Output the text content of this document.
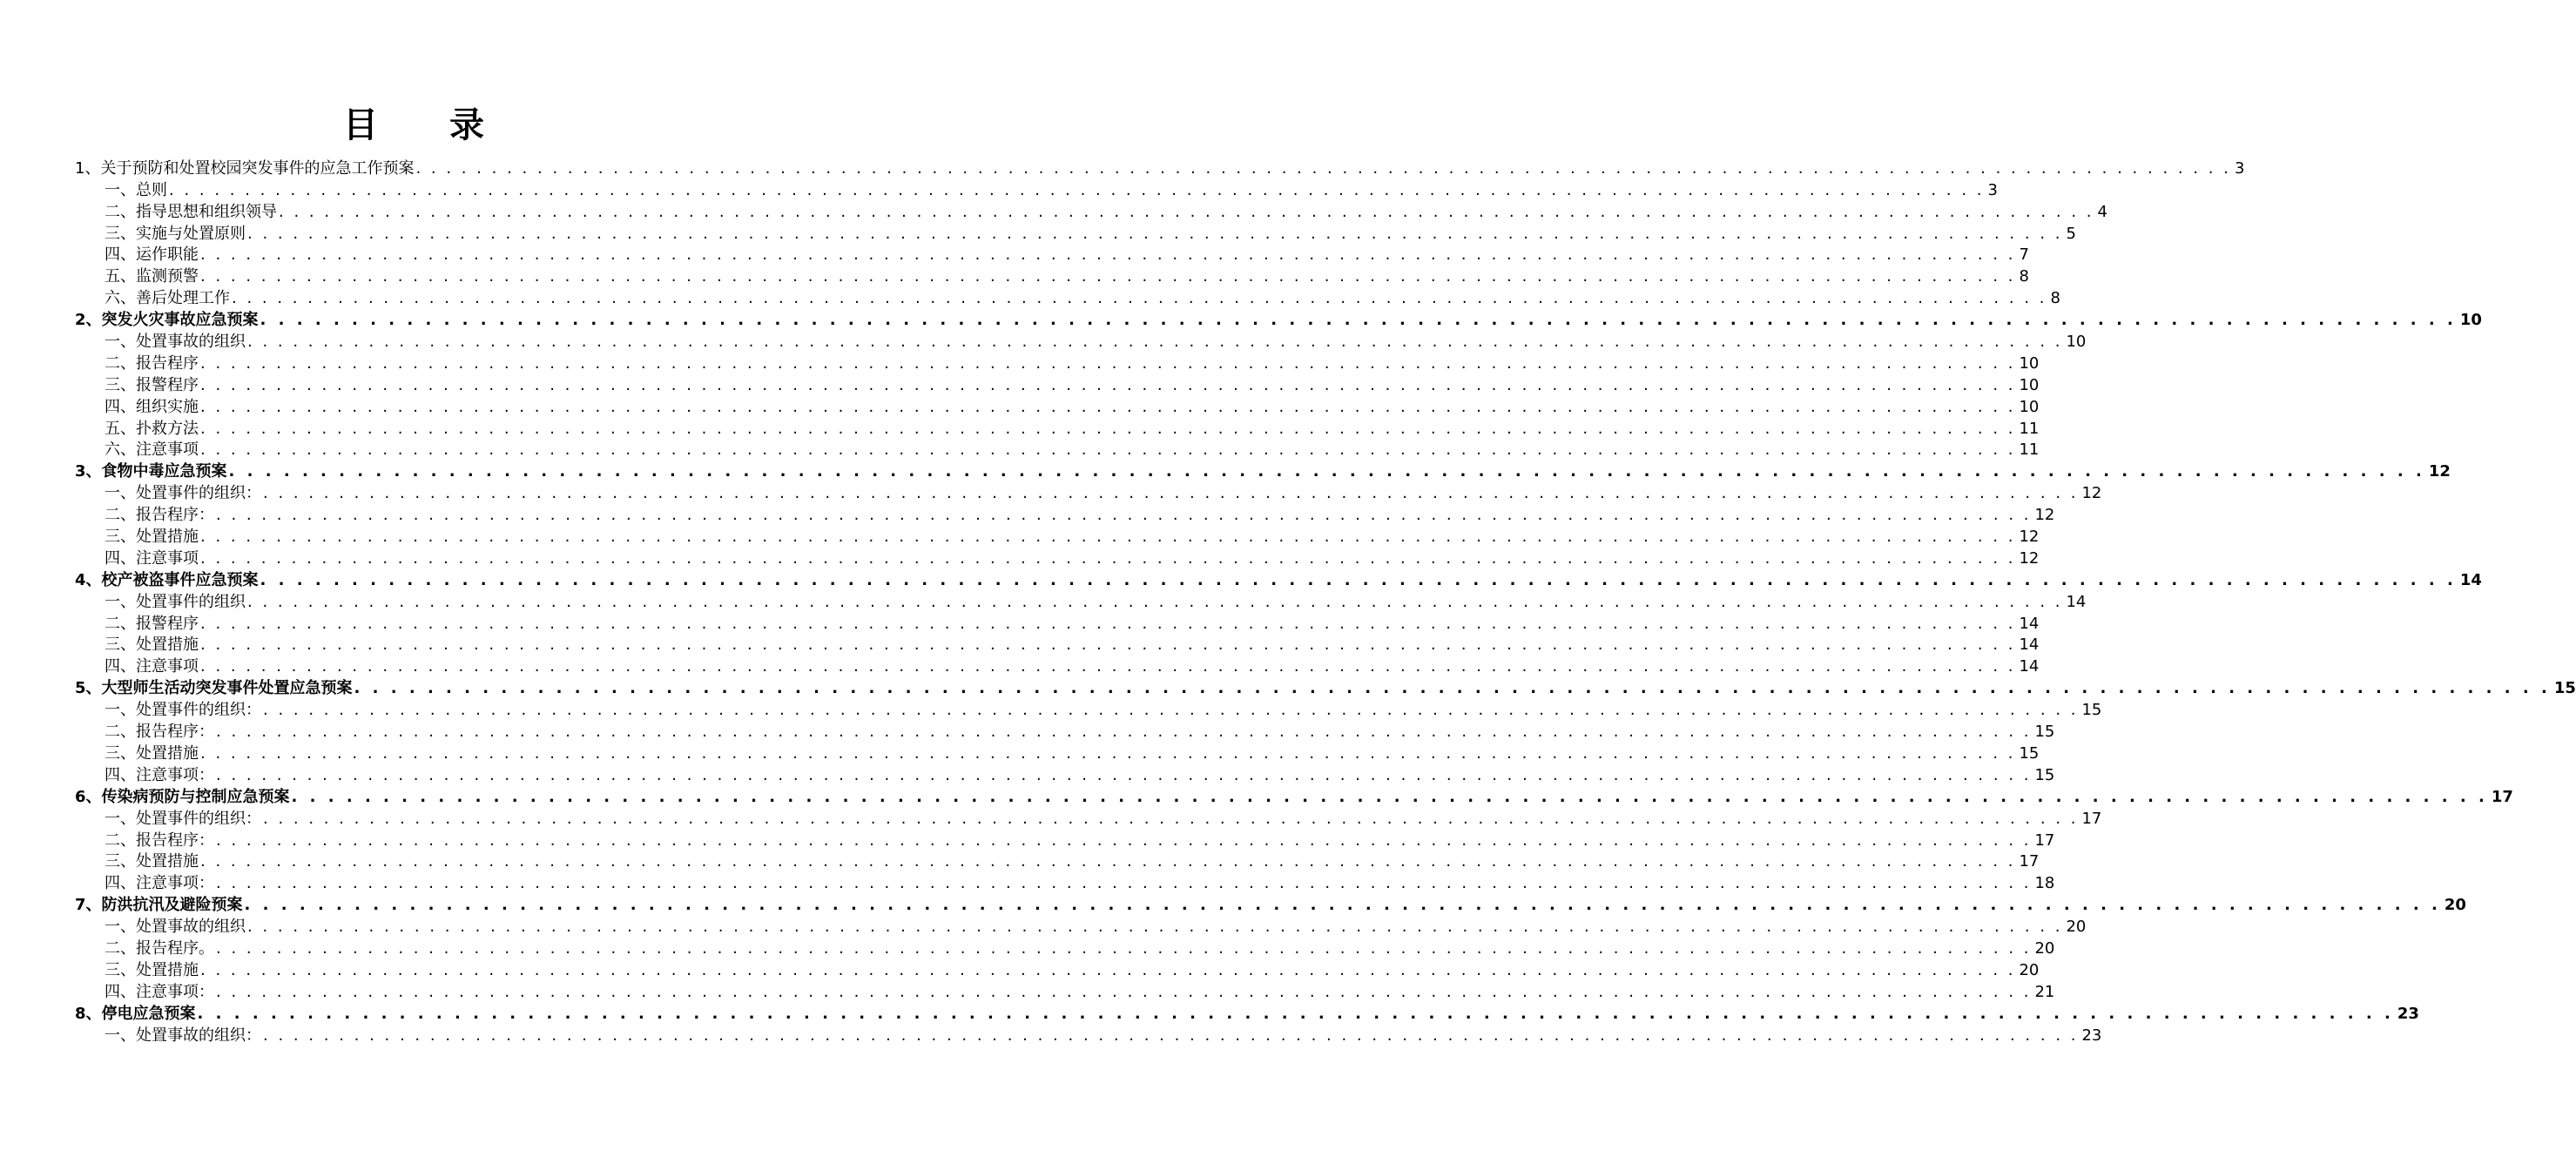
目 录
1、关于预防和处置校园突发事件的应急工作预案 . . . . . . . . . . . . . . . . . . . . . . . . . . . . . . . . . . . . . . . . . . . . . . . . . . . . . . . . . . . . . . . . . . . . . . . . . . . . . . . . . . . . . . . . . . . . . . . . . . . . . . . . . . . . . . . . . . . . . . . . 3
一、总则 . . . . . . . . . . . . . . . . . . . . . . . . . . . . . . . . . . . . . . . . . . . . . . . . . . . . . . . . . . . . . . . . . . . . . . . . . . . . . . . . . . . . . . . . . . . . . . . . . . . . . . . . . . . . . . . . . . . . . . . . 3
二、指导思想和组织领导 . . . . . . . . . . . . . . . . . . . . . . . . . . . . . . . . . . . . . . . . . . . . . . . . . . . . . . . . . . . . . . . . . . . . . . . . . . . . . . . . . . . . . . . . . . . . . . . . . . . . . . . . . . . . . . . . . . . . . . . . 4
三、实施与处置原则 . . . . . . . . . . . . . . . . . . . . . . . . . . . . . . . . . . . . . . . . . . . . . . . . . . . . . . . . . . . . . . . . . . . . . . . . . . . . . . . . . . . . . . . . . . . . . . . . . . . . . . . . . . . . . . . . . . . . . . . . 5
四、运作职能 . . . . . . . . . . . . . . . . . . . . . . . . . . . . . . . . . . . . . . . . . . . . . . . . . . . . . . . . . . . . . . . . . . . . . . . . . . . . . . . . . . . . . . . . . . . . . . . . . . . . . . . . . . . . . . . . . . . . . . . . 7
五、监测预警 . . . . . . . . . . . . . . . . . . . . . . . . . . . . . . . . . . . . . . . . . . . . . . . . . . . . . . . . . . . . . . . . . . . . . . . . . . . . . . . . . . . . . . . . . . . . . . . . . . . . . . . . . . . . . . . . . . . . . . . . 8
六、善后处理工作 . . . . . . . . . . . . . . . . . . . . . . . . . . . . . . . . . . . . . . . . . . . . . . . . . . . . . . . . . . . . . . . . . . . . . . . . . . . . . . . . . . . . . . . . . . . . . . . . . . . . . . . . . . . . . . . . . . . . . . . . 8
2、突发火灾事故应急预案 . . . . . . . . . . . . . . . . . . . . . . . . . . . . . . . . . . . . . . . . . . . . . . . . . . . . . . . . . . . . . . . . . . . . . . . . . . . . . . . . . . . . . . . . . . . . . . . . . . . . . . . . . . . . . . . . . . . . . . . . 10
一、处置事故的组织 . . . . . . . . . . . . . . . . . . . . . . . . . . . . . . . . . . . . . . . . . . . . . . . . . . . . . . . . . . . . . . . . . . . . . . . . . . . . . . . . . . . . . . . . . . . . . . . . . . . . . . . . . . . . . . . . . . . . . . . . 10
二、报告程序 . . . . . . . . . . . . . . . . . . . . . . . . . . . . . . . . . . . . . . . . . . . . . . . . . . . . . . . . . . . . . . . . . . . . . . . . . . . . . . . . . . . . . . . . . . . . . . . . . . . . . . . . . . . . . . . . . . . . . . . . 10
三、报警程序 . . . . . . . . . . . . . . . . . . . . . . . . . . . . . . . . . . . . . . . . . . . . . . . . . . . . . . . . . . . . . . . . . . . . . . . . . . . . . . . . . . . . . . . . . . . . . . . . . . . . . . . . . . . . . . . . . . . . . . . . 10
四、组织实施 . . . . . . . . . . . . . . . . . . . . . . . . . . . . . . . . . . . . . . . . . . . . . . . . . . . . . . . . . . . . . . . . . . . . . . . . . . . . . . . . . . . . . . . . . . . . . . . . . . . . . . . . . . . . . . . . . . . . . . . . 10
五、扑救方法 . . . . . . . . . . . . . . . . . . . . . . . . . . . . . . . . . . . . . . . . . . . . . . . . . . . . . . . . . . . . . . . . . . . . . . . . . . . . . . . . . . . . . . . . . . . . . . . . . . . . . . . . . . . . . . . . . . . . . . . . 11
六、注意事项 . . . . . . . . . . . . . . . . . . . . . . . . . . . . . . . . . . . . . . . . . . . . . . . . . . . . . . . . . . . . . . . . . . . . . . . . . . . . . . . . . . . . . . . . . . . . . . . . . . . . . . . . . . . . . . . . . . . . . . . . 11
3、食物中毒应急预案 . . . . . . . . . . . . . . . . . . . . . . . . . . . . . . . . . . . . . . . . . . . . . . . . . . . . . . . . . . . . . . . . . . . . . . . . . . . . . . . . . . . . . . . . . . . . . . . . . . . . . . . . . . . . . . . . . . . . . . . . 12
一、处置事件的组织： . . . . . . . . . . . . . . . . . . . . . . . . . . . . . . . . . . . . . . . . . . . . . . . . . . . . . . . . . . . . . . . . . . . . . . . . . . . . . . . . . . . . . . . . . . . . . . . . . . . . . . . . . . . . . . . . . . . . . . . . 12
二、报告程序： . . . . . . . . . . . . . . . . . . . . . . . . . . . . . . . . . . . . . . . . . . . . . . . . . . . . . . . . . . . . . . . . . . . . . . . . . . . . . . . . . . . . . . . . . . . . . . . . . . . . . . . . . . . . . . . . . . . . . . . . 12
三、处置措施 . . . . . . . . . . . . . . . . . . . . . . . . . . . . . . . . . . . . . . . . . . . . . . . . . . . . . . . . . . . . . . . . . . . . . . . . . . . . . . . . . . . . . . . . . . . . . . . . . . . . . . . . . . . . . . . . . . . . . . . . 12
四、注意事项 . . . . . . . . . . . . . . . . . . . . . . . . . . . . . . . . . . . . . . . . . . . . . . . . . . . . . . . . . . . . . . . . . . . . . . . . . . . . . . . . . . . . . . . . . . . . . . . . . . . . . . . . . . . . . . . . . . . . . . . . 12
4、校产被盗事件应急预案 . . . . . . . . . . . . . . . . . . . . . . . . . . . . . . . . . . . . . . . . . . . . . . . . . . . . . . . . . . . . . . . . . . . . . . . . . . . . . . . . . . . . . . . . . . . . . . . . . . . . . . . . . . . . . . . . . . . . . . . . 14
一、处置事件的组织 . . . . . . . . . . . . . . . . . . . . . . . . . . . . . . . . . . . . . . . . . . . . . . . . . . . . . . . . . . . . . . . . . . . . . . . . . . . . . . . . . . . . . . . . . . . . . . . . . . . . . . . . . . . . . . . . . . . . . . . . 14
二、报警程序 . . . . . . . . . . . . . . . . . . . . . . . . . . . . . . . . . . . . . . . . . . . . . . . . . . . . . . . . . . . . . . . . . . . . . . . . . . . . . . . . . . . . . . . . . . . . . . . . . . . . . . . . . . . . . . . . . . . . . . . . 14
三、处置措施 . . . . . . . . . . . . . . . . . . . . . . . . . . . . . . . . . . . . . . . . . . . . . . . . . . . . . . . . . . . . . . . . . . . . . . . . . . . . . . . . . . . . . . . . . . . . . . . . . . . . . . . . . . . . . . . . . . . . . . . . 14
四、注意事项 . . . . . . . . . . . . . . . . . . . . . . . . . . . . . . . . . . . . . . . . . . . . . . . . . . . . . . . . . . . . . . . . . . . . . . . . . . . . . . . . . . . . . . . . . . . . . . . . . . . . . . . . . . . . . . . . . . . . . . . . 14
5、大型师生活动突发事件处置应急预案 . . . . . . . . . . . . . . . . . . . . . . . . . . . . . . . . . . . . . . . . . . . . . . . . . . . . . . . . . . . . . . . . . . . . . . . . . . . . . . . . . . . . . . . . . . . . . . . . . . . . . . . . . . . . . . . . . . . . . . . . 15
一、处置事件的组织： . . . . . . . . . . . . . . . . . . . . . . . . . . . . . . . . . . . . . . . . . . . . . . . . . . . . . . . . . . . . . . . . . . . . . . . . . . . . . . . . . . . . . . . . . . . . . . . . . . . . . . . . . . . . . . . . . . . . . . . . 15
二、报告程序： . . . . . . . . . . . . . . . . . . . . . . . . . . . . . . . . . . . . . . . . . . . . . . . . . . . . . . . . . . . . . . . . . . . . . . . . . . . . . . . . . . . . . . . . . . . . . . . . . . . . . . . . . . . . . . . . . . . . . . . . 15
三、处置措施 . . . . . . . . . . . . . . . . . . . . . . . . . . . . . . . . . . . . . . . . . . . . . . . . . . . . . . . . . . . . . . . . . . . . . . . . . . . . . . . . . . . . . . . . . . . . . . . . . . . . . . . . . . . . . . . . . . . . . . . . 15
四、注意事项： . . . . . . . . . . . . . . . . . . . . . . . . . . . . . . . . . . . . . . . . . . . . . . . . . . . . . . . . . . . . . . . . . . . . . . . . . . . . . . . . . . . . . . . . . . . . . . . . . . . . . . . . . . . . . . . . . . . . . . . . 15
6、传染病预防与控制应急预案 . . . . . . . . . . . . . . . . . . . . . . . . . . . . . . . . . . . . . . . . . . . . . . . . . . . . . . . . . . . . . . . . . . . . . . . . . . . . . . . . . . . . . . . . . . . . . . . . . . . . . . . . . . . . . . . . . . . . . . . . 17
一、处置事件的组织： . . . . . . . . . . . . . . . . . . . . . . . . . . . . . . . . . . . . . . . . . . . . . . . . . . . . . . . . . . . . . . . . . . . . . . . . . . . . . . . . . . . . . . . . . . . . . . . . . . . . . . . . . . . . . . . . . . . . . . . . 17
二、报告程序： . . . . . . . . . . . . . . . . . . . . . . . . . . . . . . . . . . . . . . . . . . . . . . . . . . . . . . . . . . . . . . . . . . . . . . . . . . . . . . . . . . . . . . . . . . . . . . . . . . . . . . . . . . . . . . . . . . . . . . . . 17
三、处置措施 . . . . . . . . . . . . . . . . . . . . . . . . . . . . . . . . . . . . . . . . . . . . . . . . . . . . . . . . . . . . . . . . . . . . . . . . . . . . . . . . . . . . . . . . . . . . . . . . . . . . . . . . . . . . . . . . . . . . . . . . 17
四、注意事项： . . . . . . . . . . . . . . . . . . . . . . . . . . . . . . . . . . . . . . . . . . . . . . . . . . . . . . . . . . . . . . . . . . . . . . . . . . . . . . . . . . . . . . . . . . . . . . . . . . . . . . . . . . . . . . . . . . . . . . . . 18
7、防洪抗汛及避险预案 . . . . . . . . . . . . . . . . . . . . . . . . . . . . . . . . . . . . . . . . . . . . . . . . . . . . . . . . . . . . . . . . . . . . . . . . . . . . . . . . . . . . . . . . . . . . . . . . . . . . . . . . . . . . . . . . . . . . . . . . 20
一、处置事故的组织 . . . . . . . . . . . . . . . . . . . . . . . . . . . . . . . . . . . . . . . . . . . . . . . . . . . . . . . . . . . . . . . . . . . . . . . . . . . . . . . . . . . . . . . . . . . . . . . . . . . . . . . . . . . . . . . . . . . . . . . . 20
二、报告程序。 . . . . . . . . . . . . . . . . . . . . . . . . . . . . . . . . . . . . . . . . . . . . . . . . . . . . . . . . . . . . . . . . . . . . . . . . . . . . . . . . . . . . . . . . . . . . . . . . . . . . . . . . . . . . . . . . . . . . . . . . 20
三、处置措施 . . . . . . . . . . . . . . . . . . . . . . . . . . . . . . . . . . . . . . . . . . . . . . . . . . . . . . . . . . . . . . . . . . . . . . . . . . . . . . . . . . . . . . . . . . . . . . . . . . . . . . . . . . . . . . . . . . . . . . . . 20
四、注意事项： . . . . . . . . . . . . . . . . . . . . . . . . . . . . . . . . . . . . . . . . . . . . . . . . . . . . . . . . . . . . . . . . . . . . . . . . . . . . . . . . . . . . . . . . . . . . . . . . . . . . . . . . . . . . . . . . . . . . . . . . 21
8、停电应急预案 . . . . . . . . . . . . . . . . . . . . . . . . . . . . . . . . . . . . . . . . . . . . . . . . . . . . . . . . . . . . . . . . . . . . . . . . . . . . . . . . . . . . . . . . . . . . . . . . . . . . . . . . . . . . . . . . . . . . . . . . 23
一、处置事故的组织： . . . . . . . . . . . . . . . . . . . . . . . . . . . . . . . . . . . . . . . . . . . . . . . . . . . . . . . . . . . . . . . . . . . . . . . . . . . . . . . . . . . . . . . . . . . . . . . . . . . . . . . . . . . . . . . . . . . . . . . . 23
